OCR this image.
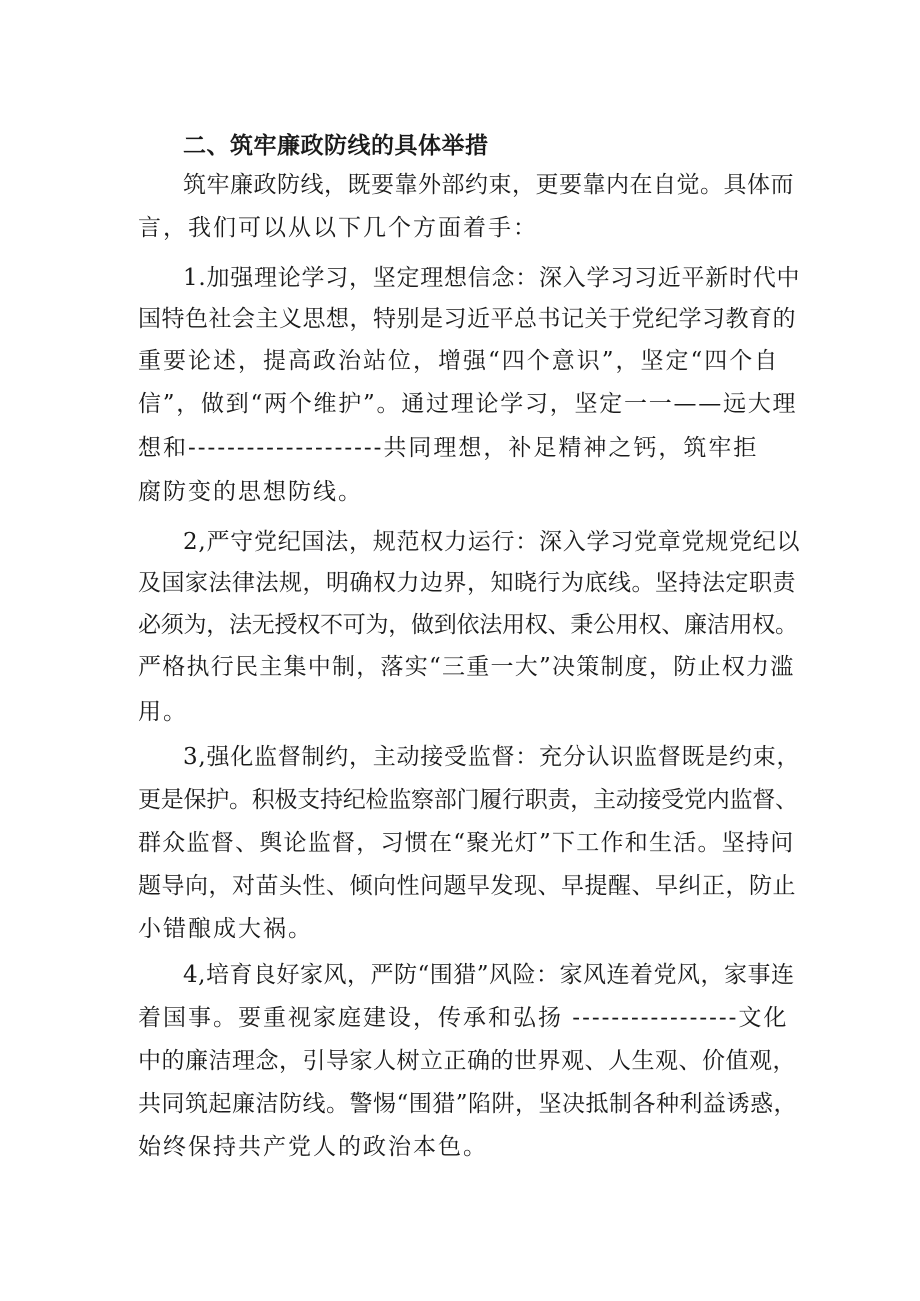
二、筑牢廉政防线的具体举措
筑牢廉政防线，既要靠外部约束，更要靠内在自觉。具体而
言，我们可以从以下几个方面着手：
1.加强理论学习，坚定理想信念：深入学习习近平新时代中
国特色社会主义思想，特别是习近平总书记关于党纪学习教育的
重要论述，提高政治站位，增强“四个意识”，坚定“四个自
信”，做到“两个维护”。通过理论学习，坚定一一——远大理
想和--------------------共同理想，补足精神之钙，筑牢拒
腐防变的思想防线。
2,严守党纪国法，规范权力运行：深入学习党章党规党纪以
及国家法律法规，明确权力边界，知晓行为底线。坚持法定职责
必须为，法无授权不可为，做到依法用权、秉公用权、廉洁用权。
严格执行民主集中制，落实“三重一大”决策制度，防止权力滥
用。
3,强化监督制约，主动接受监督：充分认识监督既是约束，
更是保护。积极支持纪检监察部门履行职责，主动接受党内监督、
群众监督、舆论监督，习惯在“聚光灯”下工作和生活。坚持问
题导向，对苗头性、倾向性问题早发现、早提醒、早纠正，防止
小错酿成大祸。
4,培育良好家风，严防“围猎”风险：家风连着党风，家事连
着国事。要重视家庭建设，传承和弘扬 -----------------文化
中的廉洁理念，引导家人树立正确的世界观、人生观、价值观，
共同筑起廉洁防线。警惕“围猎”陷阱，坚决抵制各种利益诱惑，
始终保持共产党人的政治本色。
